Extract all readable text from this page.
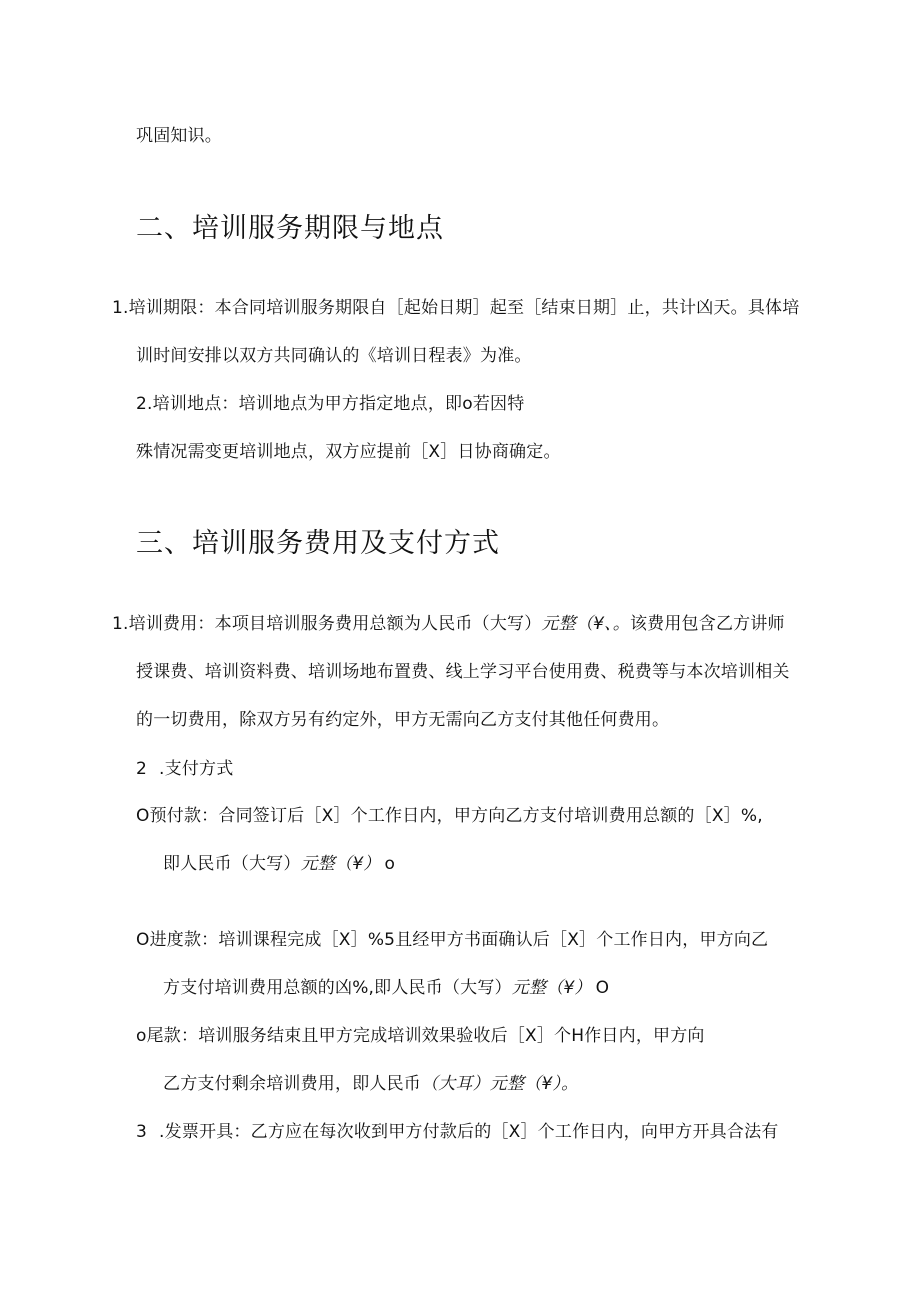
巩固知识。
二、培训服务期限与地点
1.培训期限：本合同培训服务期限自［起始日期］起至［结束日期］止，共计凶天。具体培
训时间安排以双方共同确认的《培训日程表》为准。
2.培训地点：培训地点为甲方指定地点，即o若因特
殊情况需变更培训地点，双方应提前［X］日协商确定。
三、培训服务费用及支付方式
1.培训费用：本项目培训服务费用总额为人民币（大写）元整（¥、。该费用包含乙方讲师
授课费、培训资料费、培训场地布置费、线上学习平台使用费、税费等与本次培训相关
的一切费用，除双方另有约定外，甲方无需向乙方支付其他任何费用。
2 .支付方式
O预付款：合同签订后［X］个工作日内，甲方向乙方支付培训费用总额的［X］%,
即人民币（大写）元整（¥） o
O进度款：培训课程完成［X］%5且经甲方书面确认后［X］个工作日内，甲方向乙
方支付培训费用总额的凶%,即人民币（大写）元整（¥） O
o尾款：培训服务结束且甲方完成培训效果验收后［X］个H作日内，甲方向
乙方支付剩余培训费用，即人民币（大耳）元整（¥）。
3 .发票开具：乙方应在每次收到甲方付款后的［X］个工作日内，向甲方开具合法有
